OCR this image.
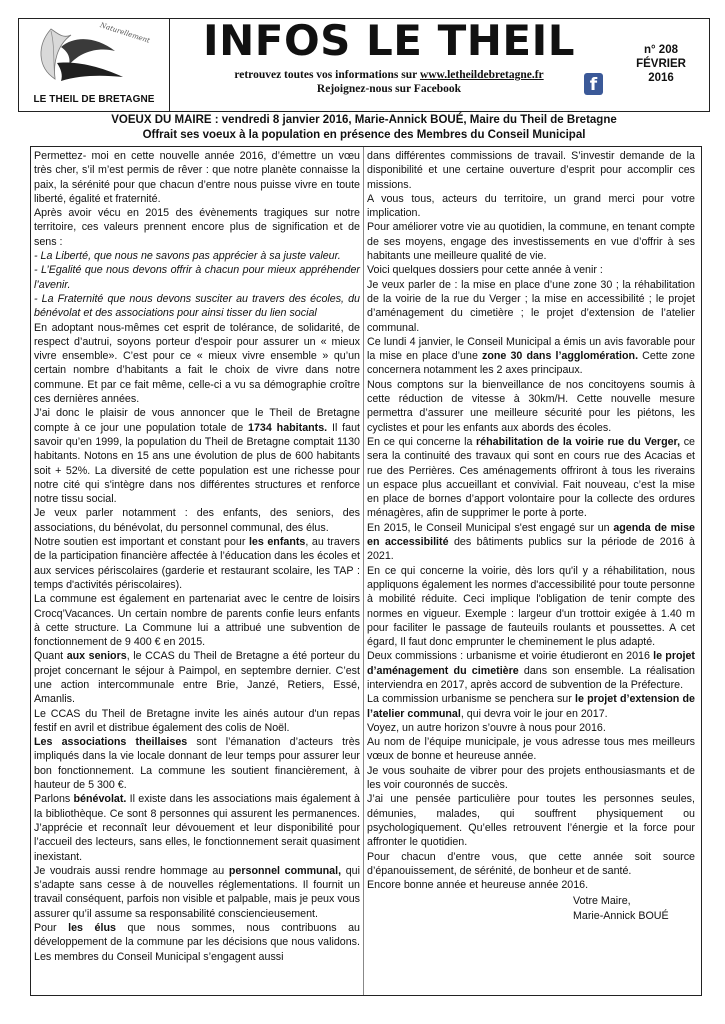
Naturellement
LE THEIL DE BRETAGNE
INFOS LE THEIL
retrouvez toutes vos informations sur www.letheildebretagne.fr
Rejoignez-nous sur Facebook	f
n° 208
FÉVRIER
2016
VOEUX DU MAIRE : vendredi 8 janvier 2016, Marie-Annick BOUÉ, Maire du Theil de Bretagne
Offrait ses voeux à la population en présence des Membres du Conseil Municipal

Permettez- moi en cette nouvelle année 2016, d’émettre un vœu très cher, s’il m’est permis de rêver : que notre planète connaisse la paix, la sérénité pour que chacun d’entre nous puisse vivre en toute liberté, égalité et fraternité.

Après avoir vécu en 2015 des évènements tragiques sur notre territoire, ces valeurs prennent encore plus de signification et de sens :

- La Liberté, que nous ne savons pas apprécier à sa juste valeur.

- L’Egalité que nous devons offrir à chacun pour mieux appréhender l’avenir.

- La Fraternité que nous devons susciter au travers des écoles, du bénévolat et des associations pour ainsi tisser du lien social

En adoptant nous-mêmes cet esprit de tolérance, de solidarité, de respect d’autrui, soyons porteur d'espoir pour assurer un « mieux vivre ensemble». C’est pour ce « mieux vivre ensemble » qu’un certain nombre d’habitants a fait le choix de vivre dans notre commune. Et par ce fait même, celle-ci a vu sa démographie croître ces dernières années.

J’ai donc le plaisir de vous annoncer que le Theil de Bretagne compte à ce jour une population totale de 1734 habitants. Il faut savoir qu’en 1999, la population du Theil de Bretagne comptait 1130 habitants. Notons en 15 ans une évolution de plus de 600 habitants soit + 52%. La diversité de cette population est une richesse pour notre cité qui s'intègre dans nos différentes structures et renforce notre tissu social.

Je veux parler notamment : des enfants, des seniors, des associations, du bénévolat, du personnel communal, des élus.

Notre soutien est important et constant pour les enfants, au travers de la participation financière affectée à l’éducation dans les écoles et aux services périscolaires (garderie et restaurant scolaire, les TAP : temps d'activités périscolaires).

La commune est également en partenariat avec le centre de loisirs Crocq’Vacances. Un certain nombre de parents confie leurs enfants à cette structure. La Commune lui a attribué une subvention de fonctionnement de 9 400 € en 2015.

Quant aux seniors, le CCAS du Theil de Bretagne a été porteur du projet concernant le séjour à Paimpol, en septembre dernier. C’est une action intercommunale entre Brie, Janzé, Retiers, Essé, Amanlis.

Le CCAS du Theil de Bretagne invite les ainés autour d'un repas festif en avril et distribue également des colis de Noël.

Les associations theillaises sont l’émanation d’acteurs très impliqués dans la vie locale donnant de leur temps pour assurer leur bon fonctionnement. La commune les soutient financièrement, à hauteur de 5 300 €.

Parlons bénévolat. Il existe dans les associations mais également à la bibliothèque. Ce sont 8 personnes qui assurent les permanences. J’apprécie et reconnaît leur dévouement et leur disponibilité pour l’accueil des lecteurs, sans elles, le fonctionnement serait quasiment inexistant.

Je voudrais aussi rendre hommage au personnel communal, qui s’adapte sans cesse à de nouvelles réglementations. Il fournit un travail conséquent, parfois non visible et palpable, mais je peux vous assurer qu’il assume sa responsabilité consciencieusement.

Pour les élus que nous sommes, nous contribuons au développement de la commune par les décisions que nous validons. Les membres du Conseil Municipal s’engagent aussi

dans différentes commissions de travail. S’investir demande de la disponibilité et une certaine ouverture d’esprit pour accomplir ces missions.

A vous tous, acteurs du territoire, un grand merci pour votre implication.

Pour améliorer votre vie au quotidien, la commune, en tenant compte de ses moyens, engage des investissements en vue d’offrir à ses habitants une meilleure qualité de vie.

Voici quelques dossiers pour cette année à venir :

Je veux parler de : la mise en place d’une zone 30 ; la réhabilitation de la voirie de la rue du Verger ; la mise en accessibilité ; le projet d’aménagement du cimetière ; le projet d’extension de l’atelier communal.

Ce lundi 4 janvier, le Conseil Municipal a émis un avis favorable pour la mise en place d’une zone 30 dans l’agglomération. Cette zone concernera notamment les 2 axes principaux.

Nous comptons sur la bienveillance de nos concitoyens soumis à cette réduction de vitesse à 30km/H. Cette nouvelle mesure permettra d’assurer une meilleure sécurité pour les piétons, les cyclistes et pour les enfants aux abords des écoles.

En ce qui concerne la réhabilitation de la voirie rue du Verger, ce sera la continuité des travaux qui sont en cours rue des Acacias et rue des Perrières. Ces aménagements offriront à tous les riverains un espace plus accueillant et convivial. Fait nouveau, c’est la mise en place de bornes d’apport volontaire pour la collecte des ordures ménagères, afin de supprimer le porte à porte.

En 2015, le Conseil Municipal s'est engagé sur un agenda de mise en accessibilité des bâtiments publics sur la période de 2016 à 2021.

En ce qui concerne la voirie, dès lors qu'il y a réhabilitation, nous appliquons également les normes d'accessibilité pour toute personne à mobilité réduite. Ceci implique l'obligation de tenir compte des normes en vigueur. Exemple : largeur d'un trottoir exigée à 1.40 m pour faciliter le passage de fauteuils roulants et poussettes. A cet égard, Il faut donc emprunter le cheminement le plus adapté.

Deux commissions : urbanisme et voirie étudieront en 2016 le projet d’aménagement du cimetière dans son ensemble. La réalisation interviendra en 2017, après accord de subvention de la Préfecture.

La commission urbanisme se penchera sur le projet d’extension de l’atelier communal, qui devra voir le jour en 2017.

Voyez, un autre horizon s’ouvre à nous pour 2016.

Au nom de l’équipe municipale, je vous adresse tous mes meilleurs vœux de bonne et heureuse année.

Je vous souhaite de vibrer pour des projets enthousiasmants et de les voir couronnés de succès.

J’ai une pensée particulière pour toutes les personnes seules, démunies, malades, qui souffrent physiquement ou psychologiquement. Qu’elles retrouvent l’énergie et la force pour affronter le quotidien.

Pour chacun d’entre vous, que cette année soit source d’épanouissement, de sérénité, de bonheur et de santé.

Encore bonne année et heureuse année 2016.

Votre Maire,
Marie-Annick BOUÉ
